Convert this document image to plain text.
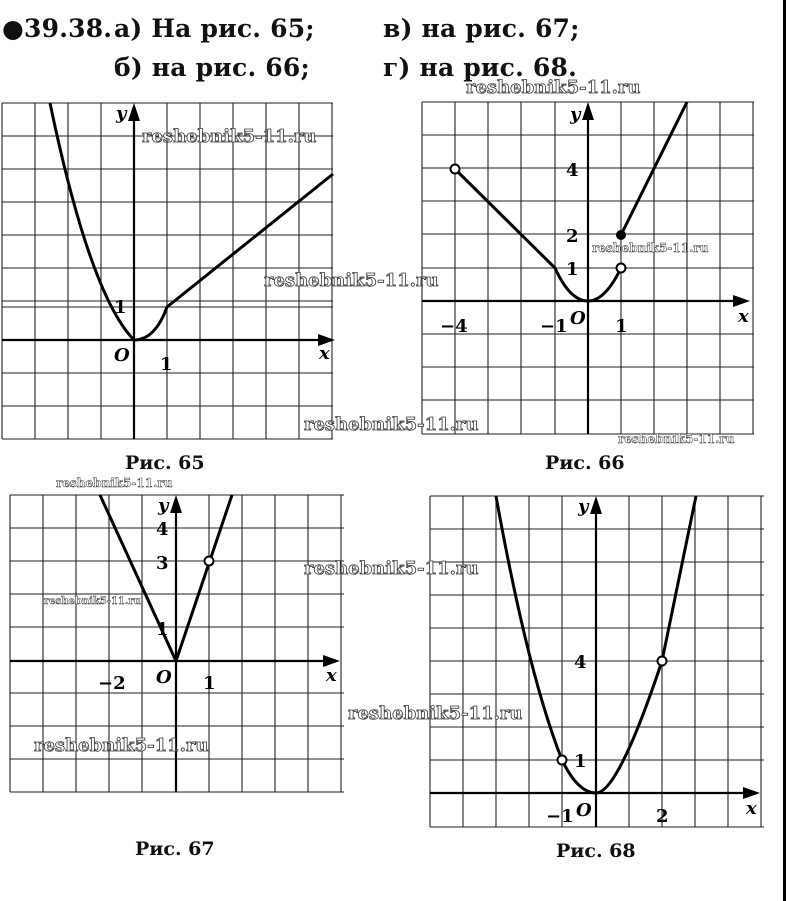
●39.38. а) На рис. 65;	в) на рис. 67;
б) на рис. 66;	г) на рис. 68.
y
x
O 1
1
Рис. 65
y
x
O
−4	−1	1
1
2
4
Рис. 66
y
x
O
−2	1
1
3
4
Рис. 67
y
x
O
−1	2
1
4
Рис. 68
reshebnik5-11.ru
reshebnik5-11.ru
reshebnik5-11.ru
reshebnik5-11.ru
reshebnik5-11.ru
reshebnik5-11.ru
reshebnik5-11.ru
reshebnik5-11.ru
reshebnik5-11.ru
reshebnik5-11.ru
reshebnik5-11.ru
